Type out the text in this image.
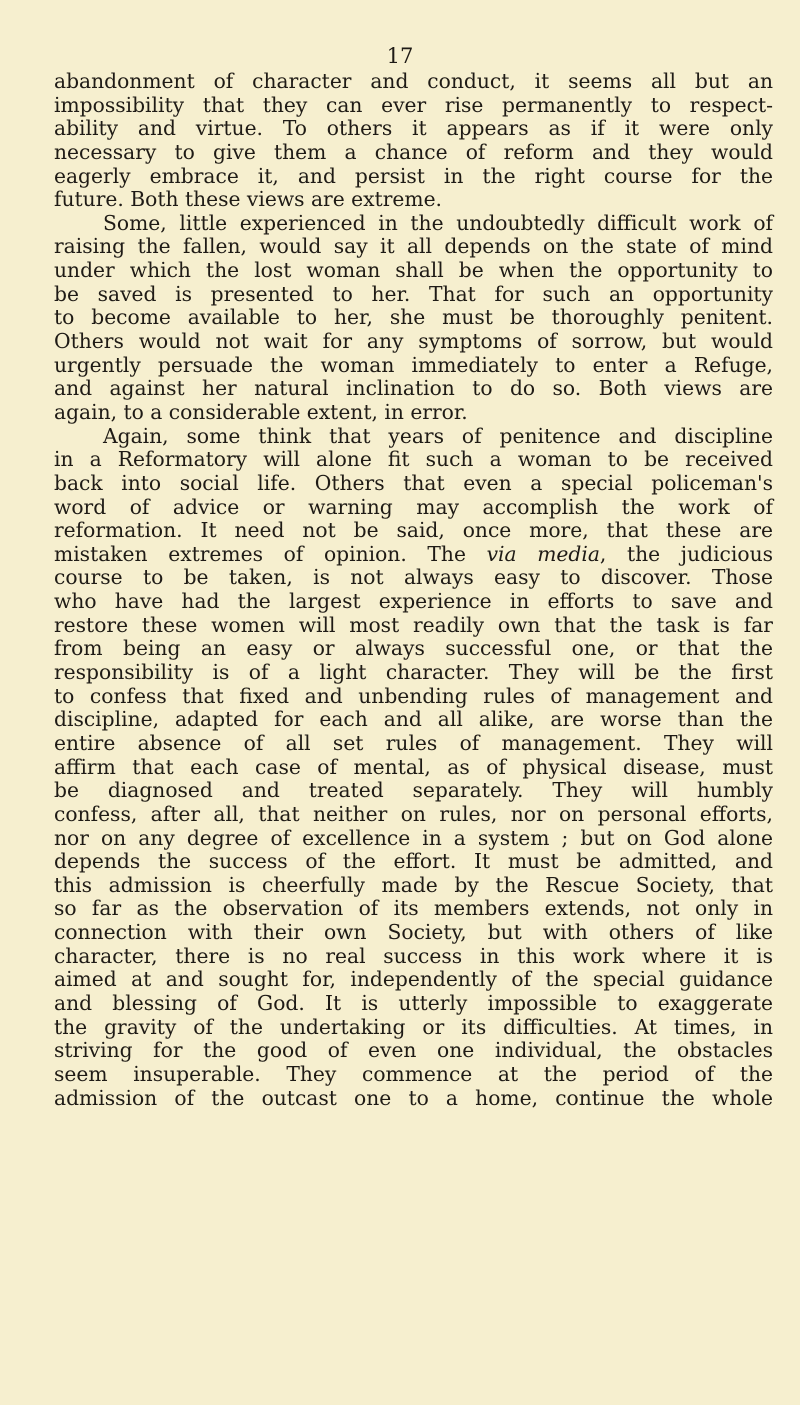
17
abandonment of character and conduct, it seems all but an
impossibility that they can ever rise permanently to respect-
ability and virtue. To others it appears as if it were only
necessary to give them a chance of reform and they would
eagerly embrace it, and persist in the right course for the
future. Both these views are extreme.
Some, little experienced in the undoubtedly difficult work of
raising the fallen, would say it all depends on the state of mind
under which the lost woman shall be when the opportunity to
be saved is presented to her. That for such an opportunity
to become available to her, she must be thoroughly penitent.
Others would not wait for any symptoms of sorrow, but would
urgently persuade the woman immediately to enter a Refuge,
and against her natural inclination to do so. Both views are
again, to a considerable extent, in error.
Again, some think that years of penitence and discipline
in a Reformatory will alone fit such a woman to be received
back into social life. Others that even a special policeman's
word of advice or warning may accomplish the work of
reformation. It need not be said, once more, that these are
mistaken extremes of opinion. The via media, the judicious
course to be taken, is not always easy to discover. Those
who have had the largest experience in efforts to save and
restore these women will most readily own that the task is far
from being an easy or always successful one, or that the
responsibility is of a light character. They will be the first
to confess that fixed and unbending rules of management and
discipline, adapted for each and all alike, are worse than the
entire absence of all set rules of management. They will
affirm that each case of mental, as of physical disease, must
be diagnosed and treated separately. They will humbly
confess, after all, that neither on rules, nor on personal efforts,
nor on any degree of excellence in a system ; but on God alone
depends the success of the effort. It must be admitted, and
this admission is cheerfully made by the Rescue Society, that
so far as the observation of its members extends, not only in
connection with their own Society, but with others of like
character, there is no real success in this work where it is
aimed at and sought for, independently of the special guidance
and blessing of God. It is utterly impossible to exaggerate
the gravity of the undertaking or its difficulties. At times, in
striving for the good of even one individual, the obstacles
seem insuperable. They commence at the period of the
admission of the outcast one to a home, continue the whole
